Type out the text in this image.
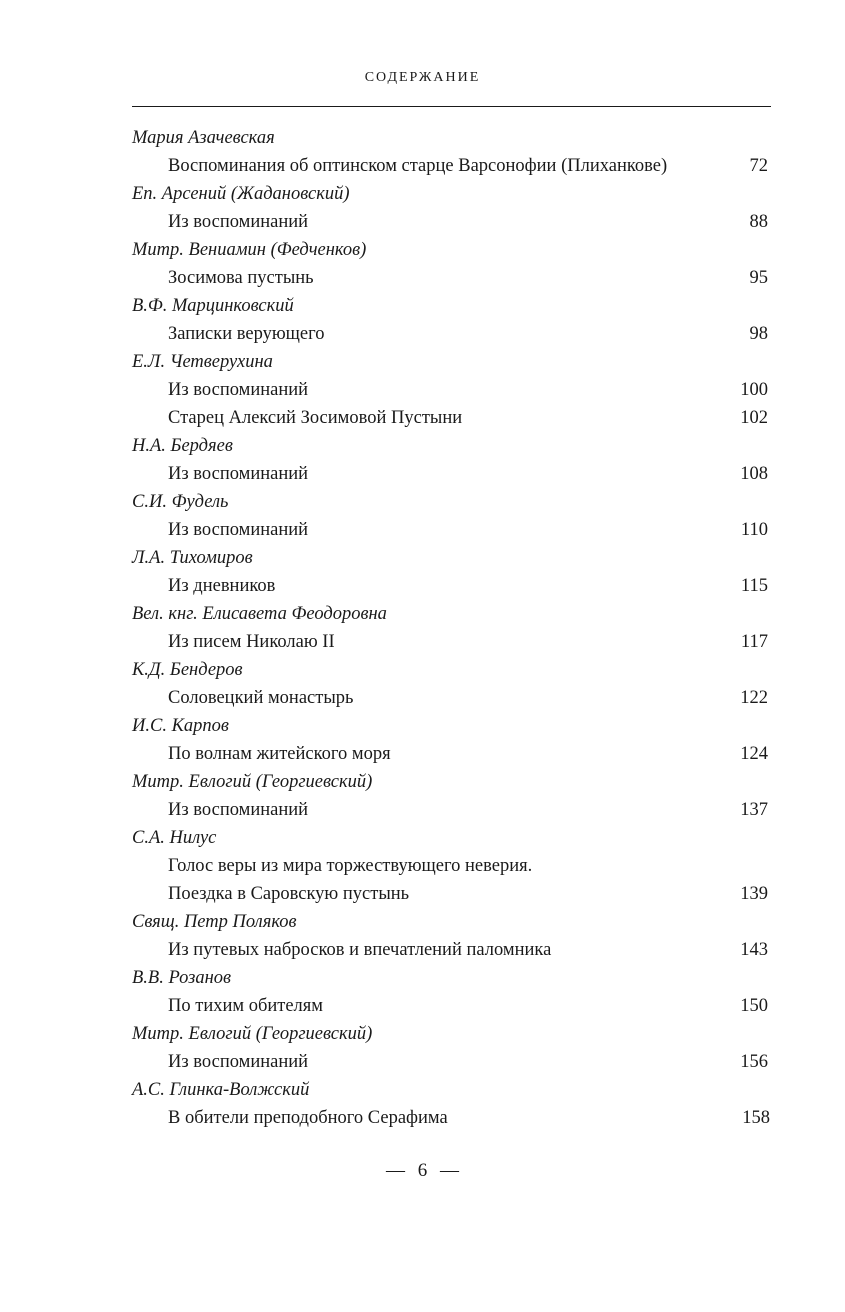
СОДЕРЖАНИЕ
Мария Азачевская
Воспоминания об оптинском старце Варсонофии (Плиханкове)	72
Еп. Арсений (Жадановский)
Из воспоминаний	88
Митр. Вениамин (Федченков)
Зосимова пустынь	95
В.Ф. Марцинковский
Записки верующего	98
Е.Л. Четверухина
Из воспоминаний	100
Старец Алексий Зосимовой Пустыни	102
Н.А. Бердяев
Из воспоминаний	108
С.И. Фудель
Из воспоминаний	110
Л.А. Тихомиров
Из дневников	115
Вел. кнг. Елисавета Феодоровна
Из писем Николаю II	117
К.Д. Бендеров
Соловецкий монастырь	122
И.С. Карпов
По волнам житейского моря	124
Митр. Евлогий (Георгиевский)
Из воспоминаний	137
С.А. Нилус
Голос веры из мира торжествующего неверия.
Поездка в Саровскую пустынь	139
Свящ. Петр Поляков
Из путевых набросков и впечатлений паломника	143
В.В. Розанов
По тихим обителям	150
Митр. Евлогий (Георгиевский)
Из воспоминаний	156
А.С. Глинка-Волжский
В обители преподобного Серафима	158
— 6 —
